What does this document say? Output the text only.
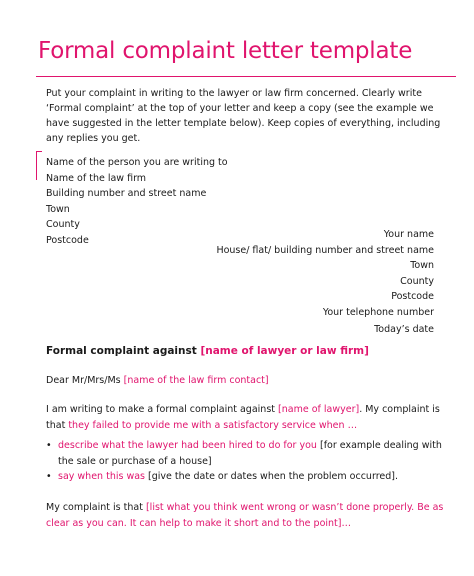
Formal complaint letter template
Put your complaint in writing to the lawyer or law firm concerned. Clearly write ‘Formal complaint’ at the top of your letter and keep a copy (see the example we have suggested in the letter template below). Keep copies of everything, including any replies you get.
Name of the person you are writing to
Name of the law firm
Building number and street name
Town
County
Postcode	Your name
House/ flat/ building number and street name
Town
County
Postcode
Your telephone number
Today’s date
Formal complaint against [name of lawyer or law firm]
Dear Mr/Mrs/Ms [name of the law firm contact]
I am writing to make a formal complaint against [name of lawyer]. My complaint is that they failed to provide me with a satisfactory service when …
• describe what the lawyer had been hired to do for you [for example dealing with the sale or purchase of a house]
• say when this was [give the date or dates when the problem occurred].
My complaint is that [list what you think went wrong or wasn’t done properly. Be as clear as you can. It can help to make it short and to the point]…
